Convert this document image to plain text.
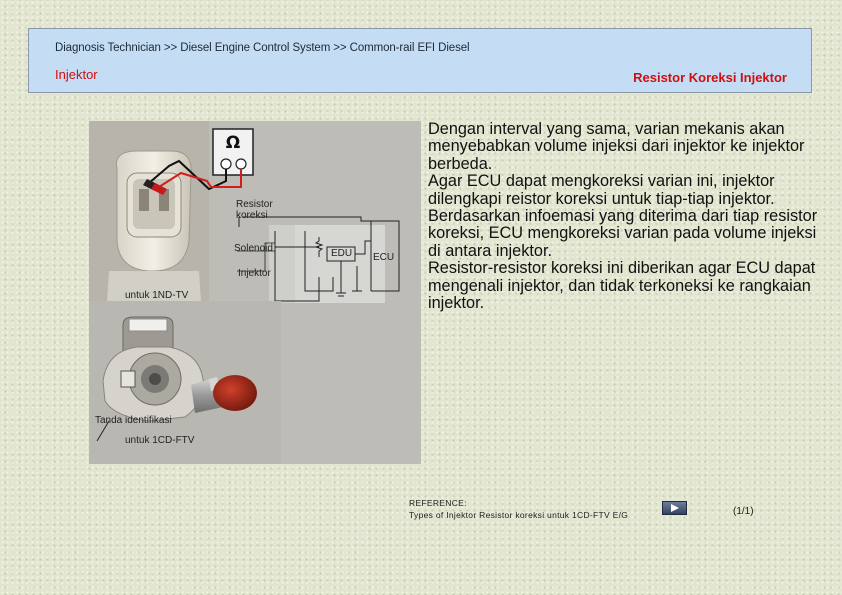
Diagnosis Technician >> Diesel Engine Control System >> Common-rail EFI Diesel
Injektor	Resistor Koreksi Injektor
Ω
Resistor koreksi
Solenoid	EDU ECU
Injektor
untuk 1ND-TV
Tanda identifikasi
untuk 1CD-FTV

Dengan interval yang sama, varian mekanis akan menyebabkan volume injeksi dari injektor ke injektor berbeda.

Agar ECU dapat mengkoreksi varian ini, injektor dilengkapi reistor koreksi untuk tiap-tiap injektor.

Berdasarkan infoemasi yang diterima dari tiap resistor koreksi, ECU mengkoreksi varian pada volume injeksi di antara injektor.

Resistor-resistor koreksi ini diberikan agar ECU dapat mengenali injektor, dan tidak terkoneksi ke rangkaian injektor.

REFERENCE:
Types of Injektor Resistor koreksi untuk 1CD-FTV E/G	(1/1)
